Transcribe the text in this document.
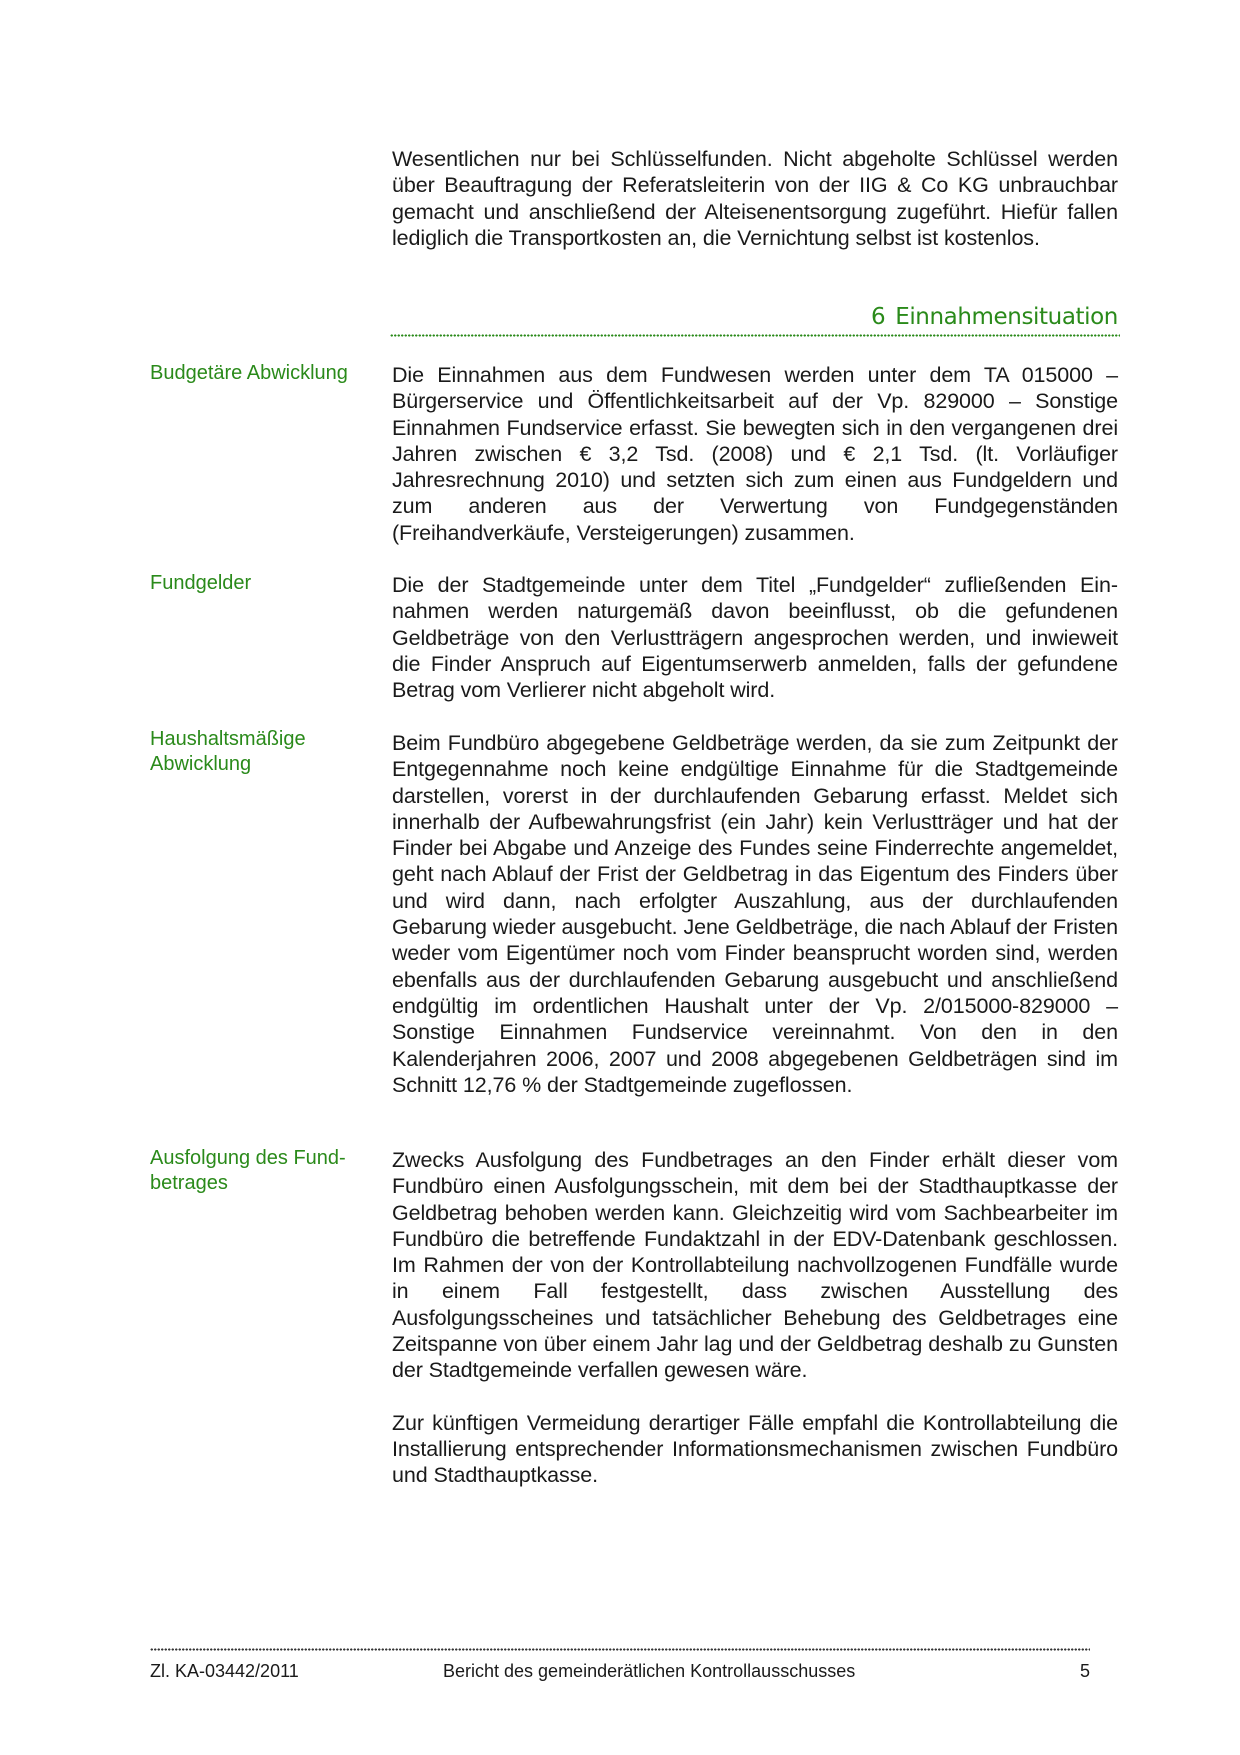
Wesentlichen nur bei Schlüsselfunden. Nicht abgeholte Schlüssel werden über Beauftragung der Referatsleiterin von der IIG & Co KG unbrauchbar gemacht und anschließend der Alteisenentsorgung zugeführt. Hiefür fallen lediglich die Transportkosten an, die Vernichtung selbst ist kostenlos.

6 Einnahmensituation
Budgetäre Abwicklung	Die Einnahmen aus dem Fundwesen werden unter dem TA 015000 – Bürgerservice und Öffentlichkeitsarbeit auf der Vp. 829000 – Sonstige Einnahmen Fundservice erfasst. Sie bewegten sich in den vergangenen drei Jahren zwischen € 3,2 Tsd. (2008) und € 2,1 Tsd. (lt. Vorläufiger Jahresrechnung 2010) und setzten sich zum einen aus Fundgeldern und zum anderen aus der Verwertung von Fundgegenständen (Freihandverkäufe, Versteigerungen) zusammen.

Fundgelder	Die der Stadtgemeinde unter dem Titel „Fundgelder“ zufließenden Einnahmen werden naturgemäß davon beeinflusst, ob die gefundenen Geldbeträge von den Verlustträgern angesprochen werden, und inwieweit die Finder Anspruch auf Eigentumserwerb anmelden, falls der gefundene Betrag vom Verlierer nicht abgeholt wird.

Haushaltsmäßige Abwicklung

Beim Fundbüro abgegebene Geldbeträge werden, da sie zum Zeitpunkt der Entgegennahme noch keine endgültige Einnahme für die Stadtgemeinde darstellen, vorerst in der durchlaufenden Gebarung erfasst. Meldet sich innerhalb der Aufbewahrungsfrist (ein Jahr) kein Verlustträger und hat der Finder bei Abgabe und Anzeige des Fundes seine Finderrechte angemeldet, geht nach Ablauf der Frist der Geldbetrag in das Eigentum des Finders über und wird dann, nach erfolgter Auszahlung, aus der durchlaufenden Gebarung wieder ausgebucht. Jene Geldbeträge, die nach Ablauf der Fristen weder vom Eigentümer noch vom Finder beansprucht worden sind, werden ebenfalls aus der durchlaufenden Gebarung ausgebucht und anschließend endgültig im ordentlichen Haushalt unter der Vp. 2/015000-829000 – Sonstige Einnahmen Fundservice vereinnahmt. Von den in den Kalenderjahren 2006, 2007 und 2008 abgegebenen Geldbeträgen sind im Schnitt 12,76 % der Stadtgemeinde zugeflossen.

Ausfolgung des Fundbetrages

Zwecks Ausfolgung des Fundbetrages an den Finder erhält dieser vom Fundbüro einen Ausfolgungsschein, mit dem bei der Stadthauptkasse der Geldbetrag behoben werden kann. Gleichzeitig wird vom Sachbearbeiter im Fundbüro die betreffende Fundaktzahl in der EDV-Datenbank geschlossen. Im Rahmen der von der Kontrollabteilung nachvollzogenen Fundfälle wurde in einem Fall festgestellt, dass zwischen Ausstellung des Ausfolgungsscheines und tatsächlicher Behebung des Geldbetrages eine Zeitspanne von über einem Jahr lag und der Geldbetrag deshalb zu Gunsten der Stadtgemeinde verfallen gewesen wäre.

Zur künftigen Vermeidung derartiger Fälle empfahl die Kontrollabteilung die Installierung entsprechender Informationsmechanismen zwischen Fundbüro und Stadthauptkasse.

Zl. KA-03442/2011	Bericht des gemeinderätlichen Kontrollausschusses	5
